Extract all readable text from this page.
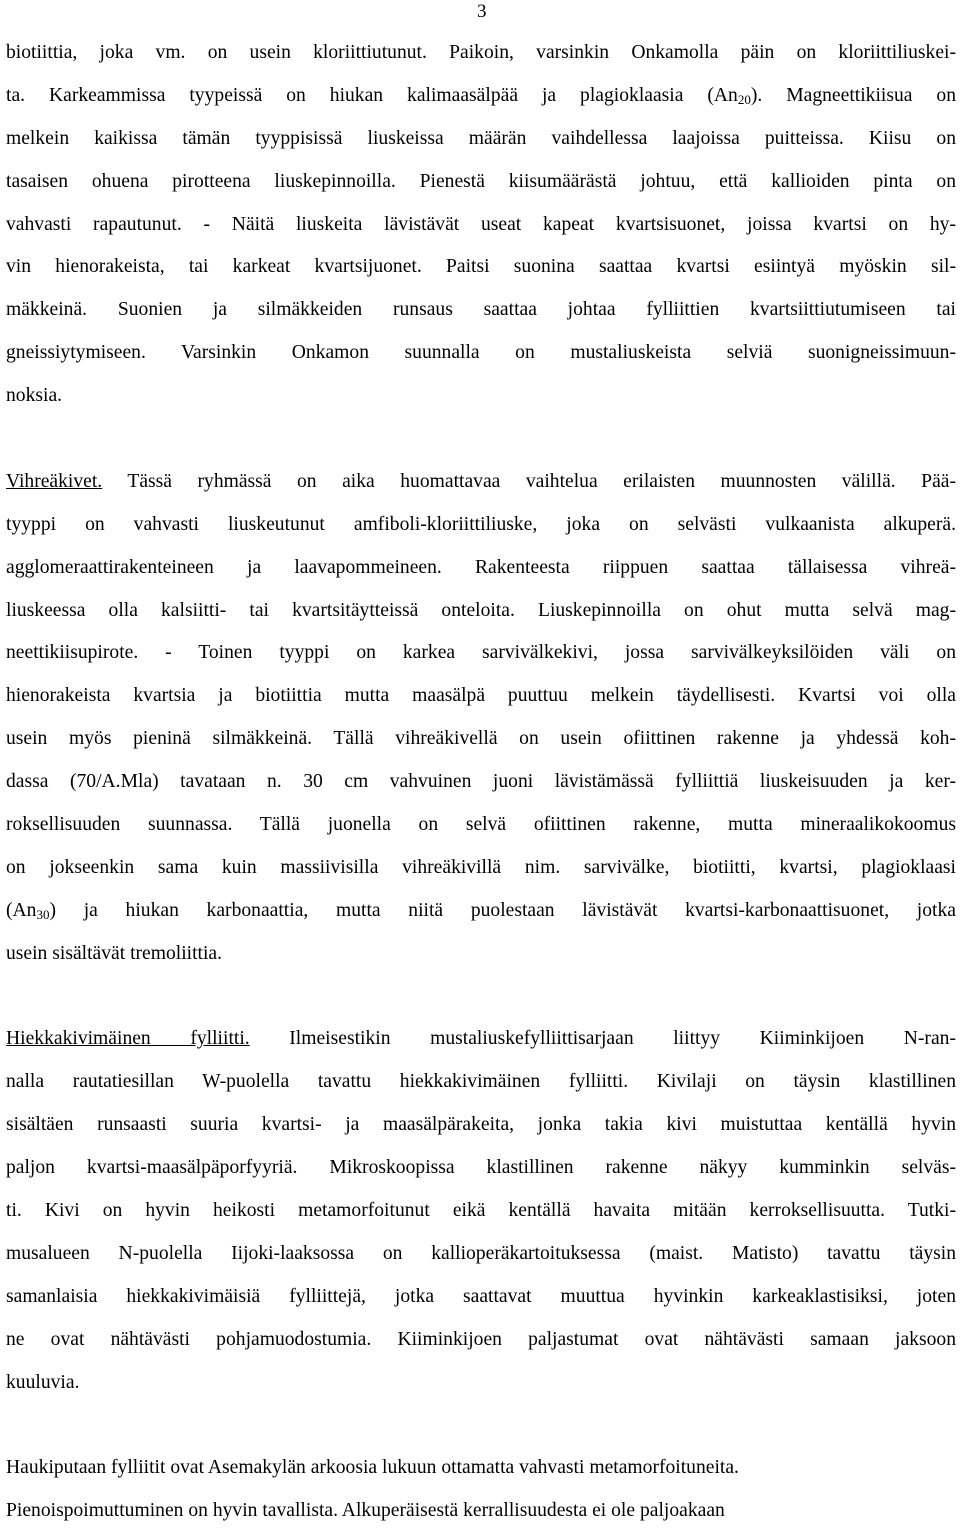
3
biotiittia, joka vm. on usein kloriittiutunut. Paikoin, varsinkin Onkamolla päin on kloriittiliuskei-
ta. Karkeammissa tyypeissä on hiukan kalimaasälpää ja plagioklaasia $(An_{20})$. Magneettikiisua on
melkein kaikissa tämän tyyppisissä liuskeissa määrän vaihdellessa laajoissa puitteissa. Kiisu on
tasaisen ohuena pirotteena liuskepinnoilla. Pienestä kiisumäärästä johtuu, että kallioiden pinta on
vahvasti rapautunut. - Näitä liuskeita lävistävät useat kapeat kvartsisuonet, joissa kvartsi on hy-
vin hienorakeista, tai karkeat kvartsijuonet. Paitsi suonina saattaa kvartsi esiintyä myöskin sil-
mäkkeinä. Suonien ja silmäkkeiden runsaus saattaa johtaa fylliittien kvartsiittiutumiseen tai
gneissiytymiseen. Varsinkin Onkamon suunnalla on mustaliuskeista selviä suonigneissimuun-
noksia.
Vihreäkivet. Tässä ryhmässä on aika huomattavaa vaihtelua erilaisten muunnosten välillä. Pää-
tyyppi on vahvasti liuskeutunut amfiboli-kloriittiliuske, joka on selvästi vulkaanista alkuperä.
agglomeraattirakenteineen ja laavapommeineen. Rakenteesta riippuen saattaa tällaisessa vihreä-
liuskeessa olla kalsiitti- tai kvartsitäytteissä onteloita. Liuskepinnoilla on ohut mutta selvä mag-
neettikiisupirote. - Toinen tyyppi on karkea sarvivälkekivi, jossa sarvivälkeyksilöiden väli on
hienorakeista kvartsia ja biotiittia mutta maasälpä puuttuu melkein täydellisesti. Kvartsi voi olla
usein myös pieninä silmäkkeinä. Tällä vihreäkivellä on usein ofiittinen rakenne ja yhdessä koh-
dassa (70/A.Mla) tavataan n. 30 cm vahvuinen juoni lävistämässä fylliittiä liuskeisuuden ja ker-
roksellisuuden suunnassa. Tällä juonella on selvä ofiittinen rakenne, mutta mineraalikokoomus
on jokseenkin sama kuin massiivisilla vihreäkivillä nim. sarvivälke, biotiitti, kvartsi, plagioklaasi
$(An_{30})$ ja hiukan karbonaattia, mutta niitä puolestaan lävistävät kvartsi-karbonaattisuonet, jotka
usein sisältävät tremoliittia.
Hiekkakivimäinen fylliitti. Ilmeisestikin mustaliuskefylliittisarjaan liittyy Kiiminkijoen N-ran-
nalla rautatiesillan W-puolella tavattu hiekkakivimäinen fylliitti. Kivilaji on täysin klastillinen
sisältäen runsaasti suuria kvartsi- ja maasälpärakeita, jonka takia kivi muistuttaa kentällä hyvin
paljon kvartsi-maasälpäporfyyriä. Mikroskoopissa klastillinen rakenne näkyy kumminkin selväs-
ti. Kivi on hyvin heikosti metamorfoitunut eikä kentällä havaita mitään kerroksellisuutta. Tutki-
musalueen N-puolella Iijoki-laaksossa on kallioperäkartoituksessa (maist. Matisto) tavattu täysin
samanlaisia hiekkakivimäisiä fylliittejä, jotka saattavat muuttua hyvinkin karkeaklastisiksi, joten
ne ovat nähtävästi pohjamuodostumia. Kiiminkijoen paljastumat ovat nähtävästi samaan jaksoon
kuuluvia.
Haukiputaan fylliitit ovat Asemakylän arkoosia lukuun ottamatta vahvasti metamorfoituneita.
Pienoispoimuttuminen on hyvin tavallista. Alkuperäisestä kerrallisuudesta ei ole paljoakaan
